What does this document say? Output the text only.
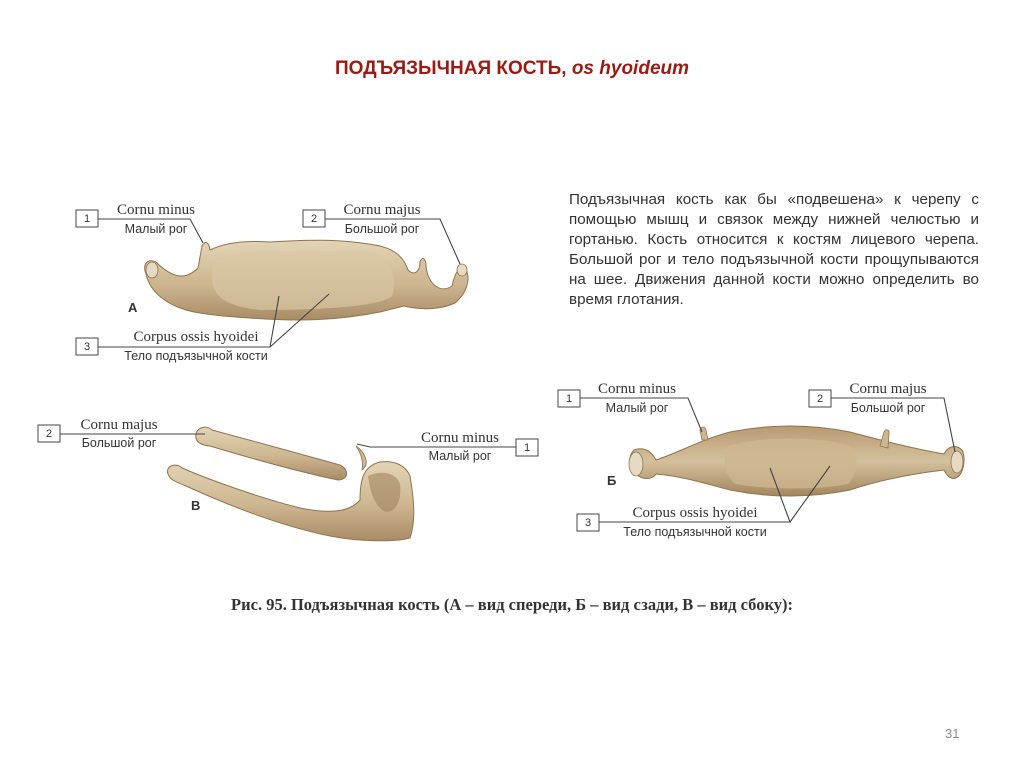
ПОДЪЯЗЫЧНАЯ КОСТЬ, os hyoideum
1
Cornu minus
Малый рог
2
Cornu majus
Большой рог
А
3
Corpus ossis hyoidei
Тело подъязычной кости
2
Cornu majus
Большой рог	1
Cornu minus
Малый рог
В
1
Cornu minus
Малый рог
2
Cornu majus
Большой рог
Б
3
Corpus ossis hyoidei
Тело подъязычной кости
Подъязычная кость как бы «подвешена» к черепу с помощью мышц и связок между нижней челюстью и гортанью. Кость относится к костям лицевого черепа. Большой рог и тело подъязычной кости прощупываются на шее. Движения данной кости можно определить во время глотания.
Рис. 95. Подъязычная кость (А – вид спереди, Б – вид сзади, В – вид сбоку):
31
